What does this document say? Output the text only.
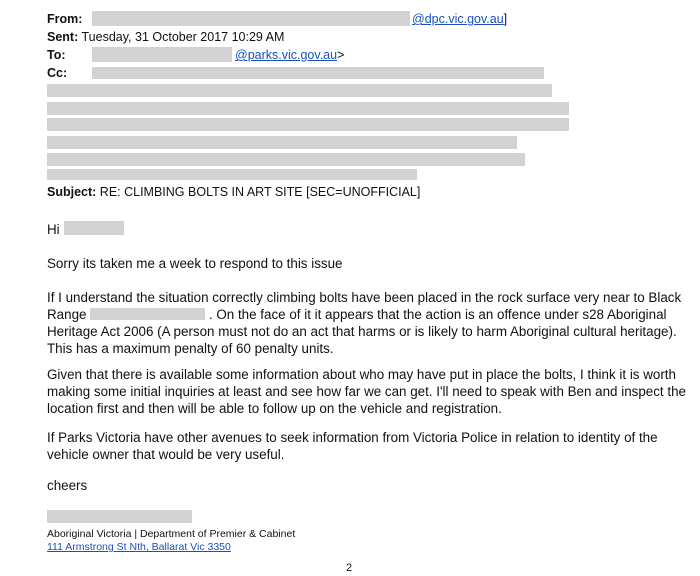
From:	@dpc.vic.gov.au]
Sent: Tuesday, 31 October 2017 10:29 AM
To:	@parks.vic.gov.au>
Cc:
Subject: RE: CLIMBING BOLTS IN ART SITE [SEC=UNOFFICIAL]
Hi

Sorry its taken me a week to respond to this issue

If I understand the situation correctly climbing bolts have been placed in the rock surface very near to Black Range	. On the face of it it appears that the action is an offence under s28 Aboriginal Heritage Act 2006 (A person must not do an act that harms or is likely to harm Aboriginal cultural heritage). This has a maximum penalty of 60 penalty units.

Given that there is available some information about who may have put in place the bolts, I think it is worth making some initial inquiries at least and see how far we can get. I'll need to speak with Ben and inspect the location first and then will be able to follow up on the vehicle and registration.

If Parks Victoria have other avenues to seek information from Victoria Police in relation to identity of the vehicle owner that would be very useful.

cheers

Aboriginal Victoria | Department of Premier & Cabinet
111 Armstrong St Nth, Ballarat Vic 3350
2
